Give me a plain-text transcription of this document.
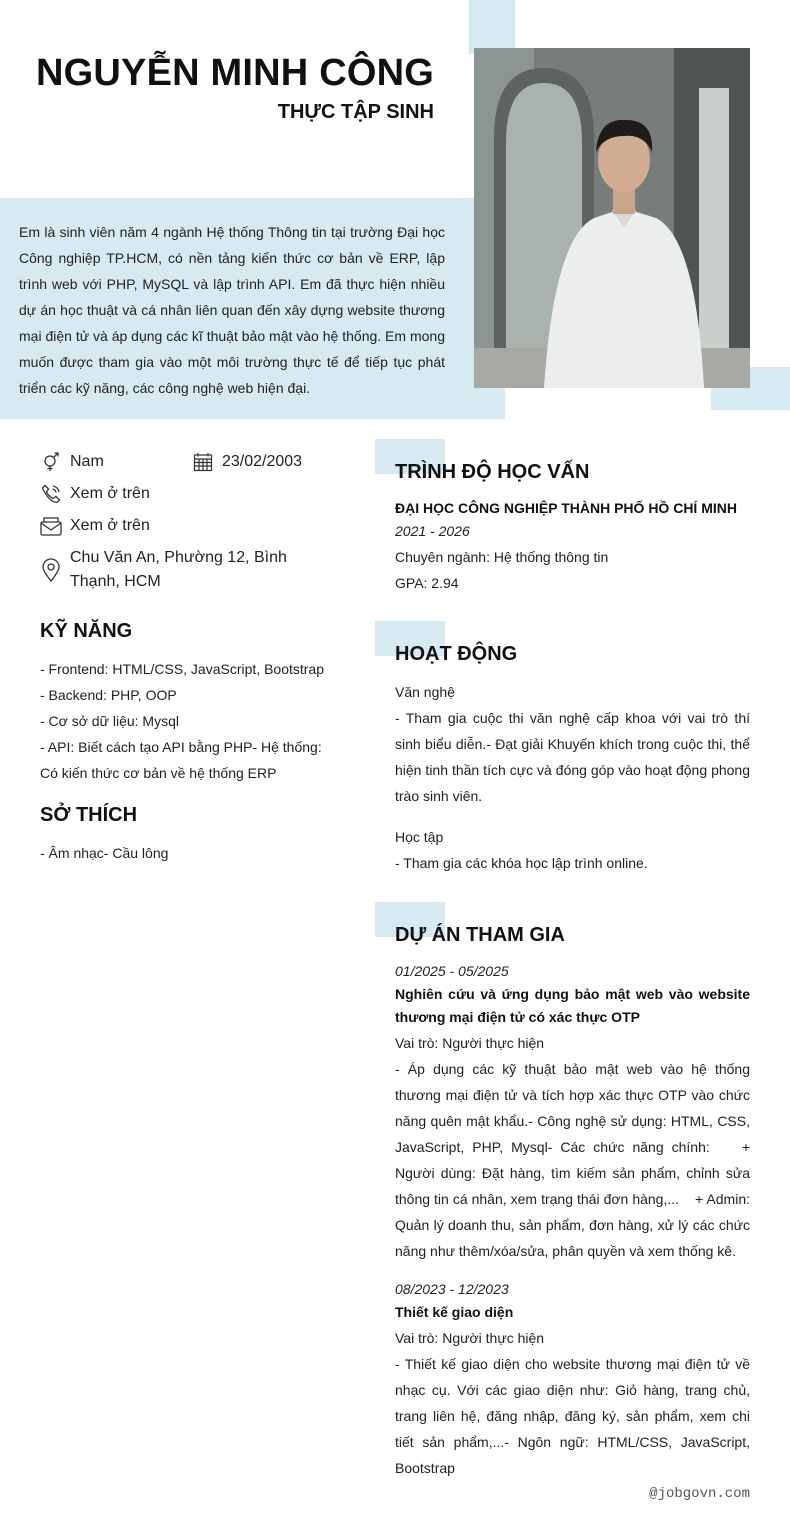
NGUYỄN MINH CÔNG
THỰC TẬP SINH

Em là sinh viên năm 4 ngành Hệ thống Thông tin tại trường Đại học Công nghiệp TP.HCM, có nền tảng kiến thức cơ bản về ERP, lập trình web với PHP, MySQL và lập trình API. Em đã thực hiện nhiều dự án học thuật và cá nhân liên quan đến xây dựng website thương mại điện tử và áp dụng các kĩ thuật bảo mật vào hệ thống. Em mong muốn được tham gia vào một môi trường thực tế để tiếp tục phát triển các kỹ năng, các công nghệ web hiện đại.

Nam	23/02/2003
Xem ở trên
Xem ở trên
Chu Văn An, Phường 12, Bình Thạnh, HCM
KỸ NĂNG
- Frontend: HTML/CSS, JavaScript, Bootstrap
- Backend: PHP, OOP
- Cơ sở dữ liệu: Mysql
- API: Biết cách tạo API bằng PHP- Hệ thống: Có kiến thức cơ bản về hệ thống ERP
SỞ THÍCH
- Âm nhạc- Cầu lông
TRÌNH ĐỘ HỌC VẤN
ĐẠI HỌC CÔNG NGHIỆP THÀNH PHỐ HỒ CHÍ MINH
2021 - 2026
Chuyên ngành: Hệ thống thông tin
GPA: 2.94
HOẠT ĐỘNG
Văn nghệ
- Tham gia cuộc thi văn nghệ cấp khoa với vai trò thí sinh biểu diễn.- Đạt giải Khuyến khích trong cuộc thi, thể hiện tinh thần tích cực và đóng góp vào hoạt động phong trào sinh viên.
Học tập
- Tham gia các khóa học lập trình online.
DỰ ÁN THAM GIA
01/2025 - 05/2025
Nghiên cứu và ứng dụng bảo mật web vào website thương mại điện tử có xác thực OTP
Vai trò: Người thực hiện
- Áp dụng các kỹ thuật bảo mật web vào hệ thống thương mại điện tử và tích hợp xác thực OTP vào chức năng quên mật khẩu.- Công nghệ sử dụng: HTML, CSS, JavaScript, PHP, Mysql- Các chức năng chính:    + Người dùng: Đặt hàng, tìm kiếm sản phẩm, chỉnh sửa thông tin cá nhân, xem trạng thái đơn hàng,...    + Admin: Quản lý doanh thu, sản phẩm, đơn hàng, xử lý các chức năng như thêm/xóa/sửa, phân quyền và xem thống kê.
08/2023 - 12/2023
Thiết kế giao diện
Vai trò: Người thực hiện
- Thiết kế giao diện cho website thương mại điện tử về nhạc cụ. Với các giao diện như: Giỏ hàng, trang chủ, trang liên hệ, đăng nhập, đăng ký, sản phẩm, xem chi tiết sản phẩm,...- Ngôn ngữ: HTML/CSS, JavaScript, Bootstrap
@jobgovn.com
